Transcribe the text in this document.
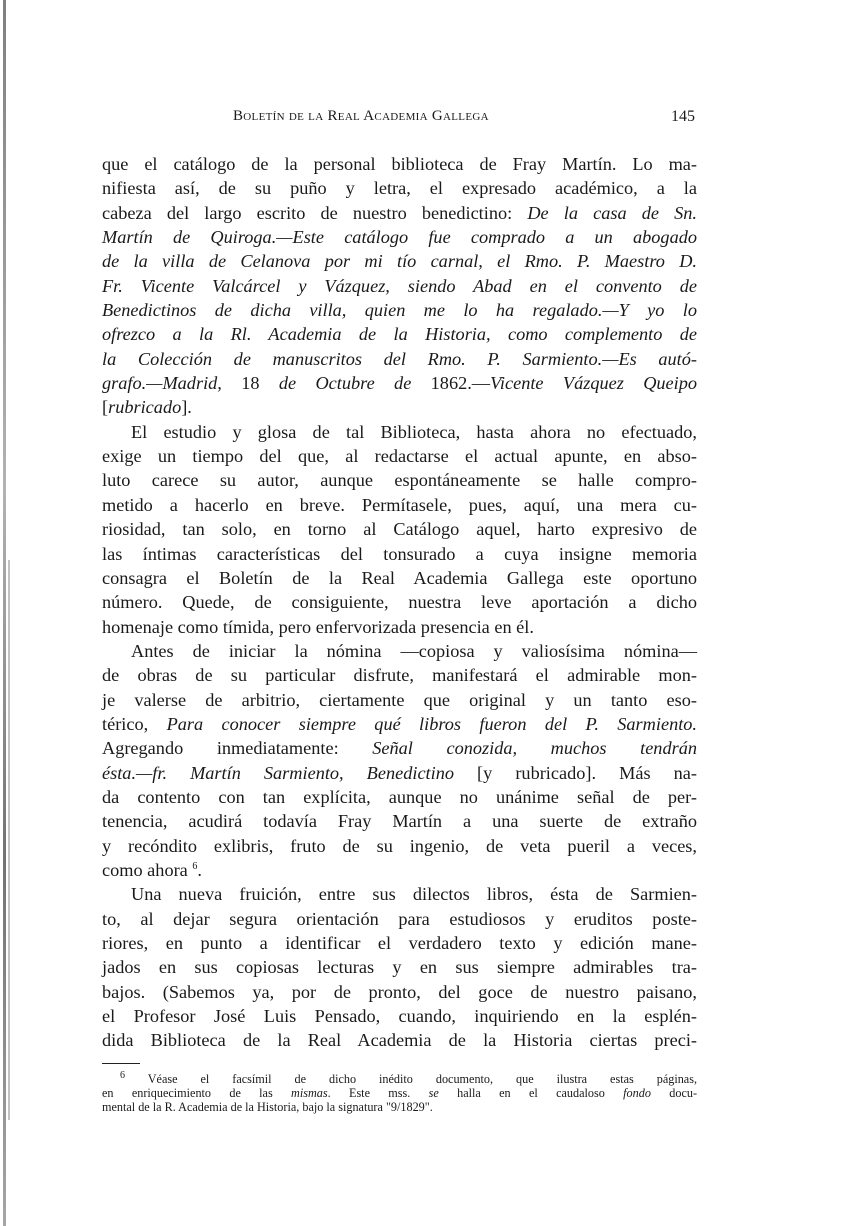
Boletín de la Real Academia Gallega	145
que el catálogo de la personal biblioteca de Fray Martín. Lo ma-
nifiesta así, de su puño y letra, el expresado académico, a la
cabeza del largo escrito de nuestro benedictino: De la casa de Sn.
Martín de Quiroga.—Este catálogo fue comprado a un abogado
de la villa de Celanova por mi tío carnal, el Rmo. P. Maestro D.
Fr. Vicente Valcárcel y Vázquez, siendo Abad en el convento de
Benedictinos de dicha villa, quien me lo ha regalado.—Y yo lo
ofrezco a la Rl. Academia de la Historia, como complemento de
la Colección de manuscritos del Rmo. P. Sarmiento.—Es autó-
grafo.—Madrid, 18 de Octubre de 1862.—Vicente Vázquez Queipo
[rubricado].
El estudio y glosa de tal Biblioteca, hasta ahora no efectuado,
exige un tiempo del que, al redactarse el actual apunte, en abso-
luto carece su autor, aunque espontáneamente se halle compro-
metido a hacerlo en breve. Permítasele, pues, aquí, una mera cu-
riosidad, tan solo, en torno al Catálogo aquel, harto expresivo de
las íntimas características del tonsurado a cuya insigne memoria
consagra el Boletín de la Real Academia Gallega este oportuno
número. Quede, de consiguiente, nuestra leve aportación a dicho
homenaje como tímida, pero enfervorizada presencia en él.
Antes de iniciar la nómina —copiosa y valiosísima nómina—
de obras de su particular disfrute, manifestará el admirable mon-
je valerse de arbitrio, ciertamente que original y un tanto eso-
térico, Para conocer siempre qué libros fueron del P. Sarmiento.
Agregando inmediatamente: Señal conozida, muchos tendrán
ésta.—fr. Martín Sarmiento, Benedictino [y rubricado]. Más na-
da contento con tan explícita, aunque no unánime señal de per-
tenencia, acudirá todavía Fray Martín a una suerte de extraño
y recóndito exlibris, fruto de su ingenio, de veta pueril a veces,
como ahora $^6$.
Una nueva fruición, entre sus dilectos libros, ésta de Sarmien-
to, al dejar segura orientación para estudiosos y eruditos poste-
riores, en punto a identificar el verdadero texto y edición mane-
jados en sus copiosas lecturas y en sus siempre admirables tra-
bajos. (Sabemos ya, por de pronto, del goce de nuestro paisano,
el Profesor José Luis Pensado, cuando, inquiriendo en la esplén-
dida Biblioteca de la Real Academia de la Historia ciertas preci-
$^6$ Véase el facsímil de dicho inédito documento, que ilustra estas páginas,
en enriquecimiento de las mismas. Este mss. se halla en el caudaloso fondo docu-
mental de la R. Academia de la Historia, bajo la signatura "9/1829".
